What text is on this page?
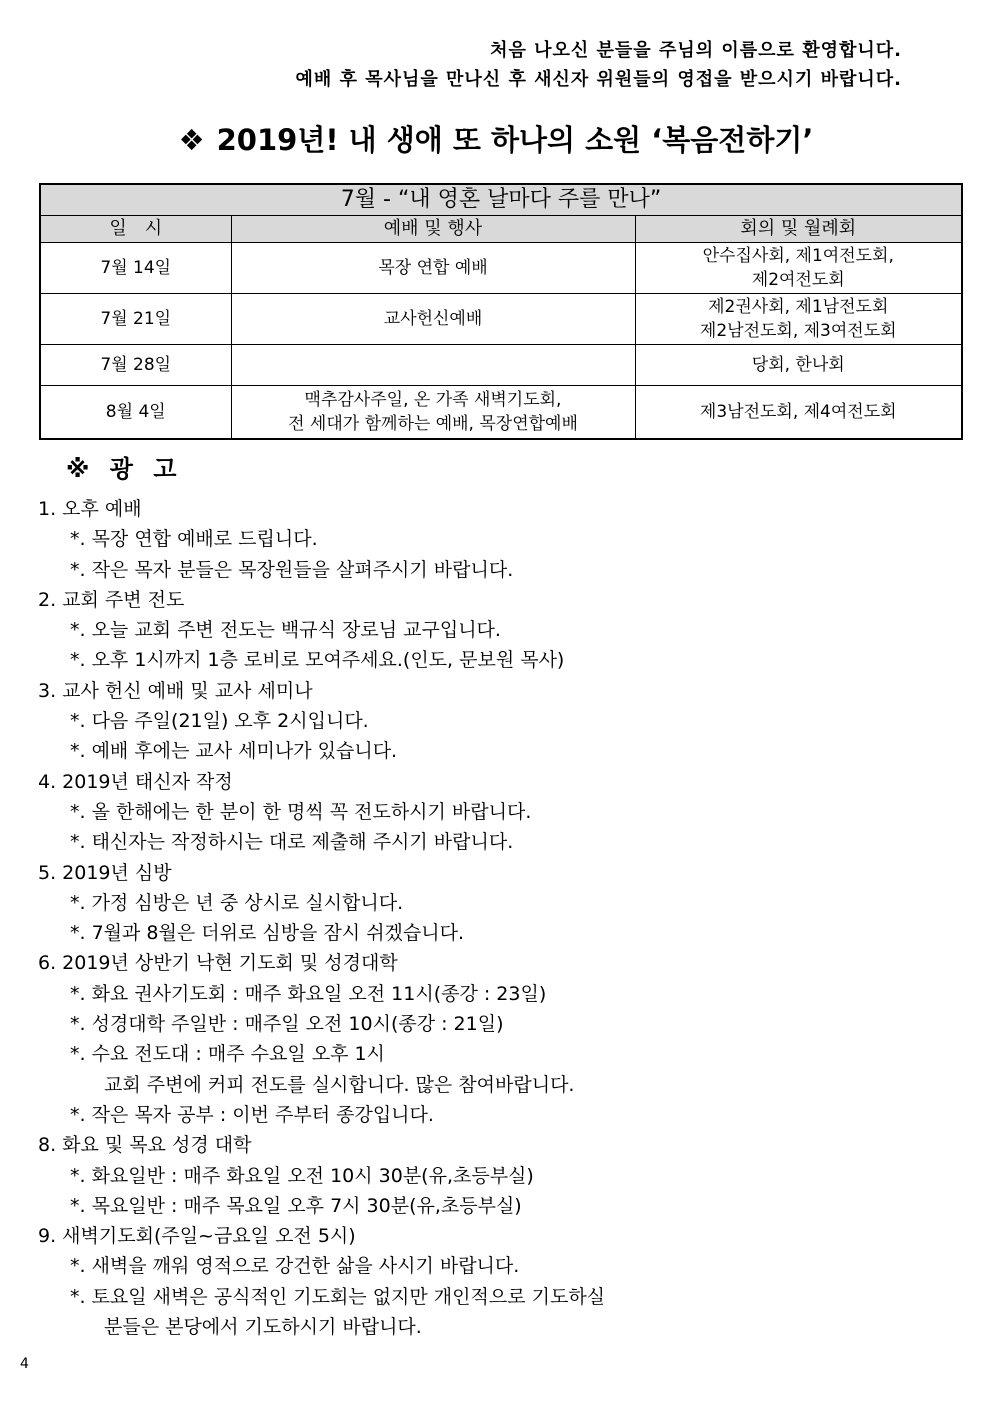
처음 나오신 분들을 주님의 이름으로 환영합니다.
예배 후 목사님을 만나신 후 새신자 위원들의 영접을 받으시기 바랍니다.
❖ 2019년! 내 생애 또 하나의 소원 ‘복음전하기’
7월 - “내 영혼 날마다 주를 만나”		
일　시	예배 및 행사	회의 및 월례회
7월 14일	목장 연합 예배	안수집사회, 제1여전도회,
제2여전도회

7월 21일	교사헌신예배	제2권사회, 제1남전도회
제2남전도회, 제3여전도회

7월 28일		당회, 한나회

8월 4일	맥추감사주일, 온 가족 새벽기도회,
전 세대가 함께하는 예배, 목장연합예배	제3남전도회, 제4여전도회
※ 광 고
1. 오후 예배
*. 목장 연합 예배로 드립니다.
*. 작은 목자 분들은 목장원들을 살펴주시기 바랍니다.
2. 교회 주변 전도
*. 오늘 교회 주변 전도는 백규식 장로님 교구입니다.
*. 오후 1시까지 1층 로비로 모여주세요.(인도, 문보원 목사)
3. 교사 헌신 예배 및 교사 세미나
*. 다음 주일(21일) 오후 2시입니다.
*. 예배 후에는 교사 세미나가 있습니다.
4. 2019년 태신자 작정
*. 올 한해에는 한 분이 한 명씩 꼭 전도하시기 바랍니다.
*. 태신자는 작정하시는 대로 제출해 주시기 바랍니다.
5. 2019년 심방
*. 가정 심방은 년 중 상시로 실시합니다.
*. 7월과 8월은 더위로 심방을 잠시 쉬겠습니다.
6. 2019년 상반기 낙현 기도회 및 성경대학
*. 화요 권사기도회 : 매주 화요일 오전 11시(종강 : 23일)
*. 성경대학 주일반 : 매주일 오전 10시(종강 : 21일)
*. 수요 전도대 : 매주 수요일 오후 1시
교회 주변에 커피 전도를 실시합니다. 많은 참여바랍니다.
*. 작은 목자 공부 : 이번 주부터 종강입니다.
8. 화요 및 목요 성경 대학
*. 화요일반 : 매주 화요일 오전 10시 30분(유,초등부실)
*. 목요일반 : 매주 목요일 오후 7시 30분(유,초등부실)
9. 새벽기도회(주일~금요일 오전 5시)
*. 새벽을 깨워 영적으로 강건한 삶을 사시기 바랍니다.
*. 토요일 새벽은 공식적인 기도회는 없지만 개인적으로 기도하실
분들은 본당에서 기도하시기 바랍니다.
4
